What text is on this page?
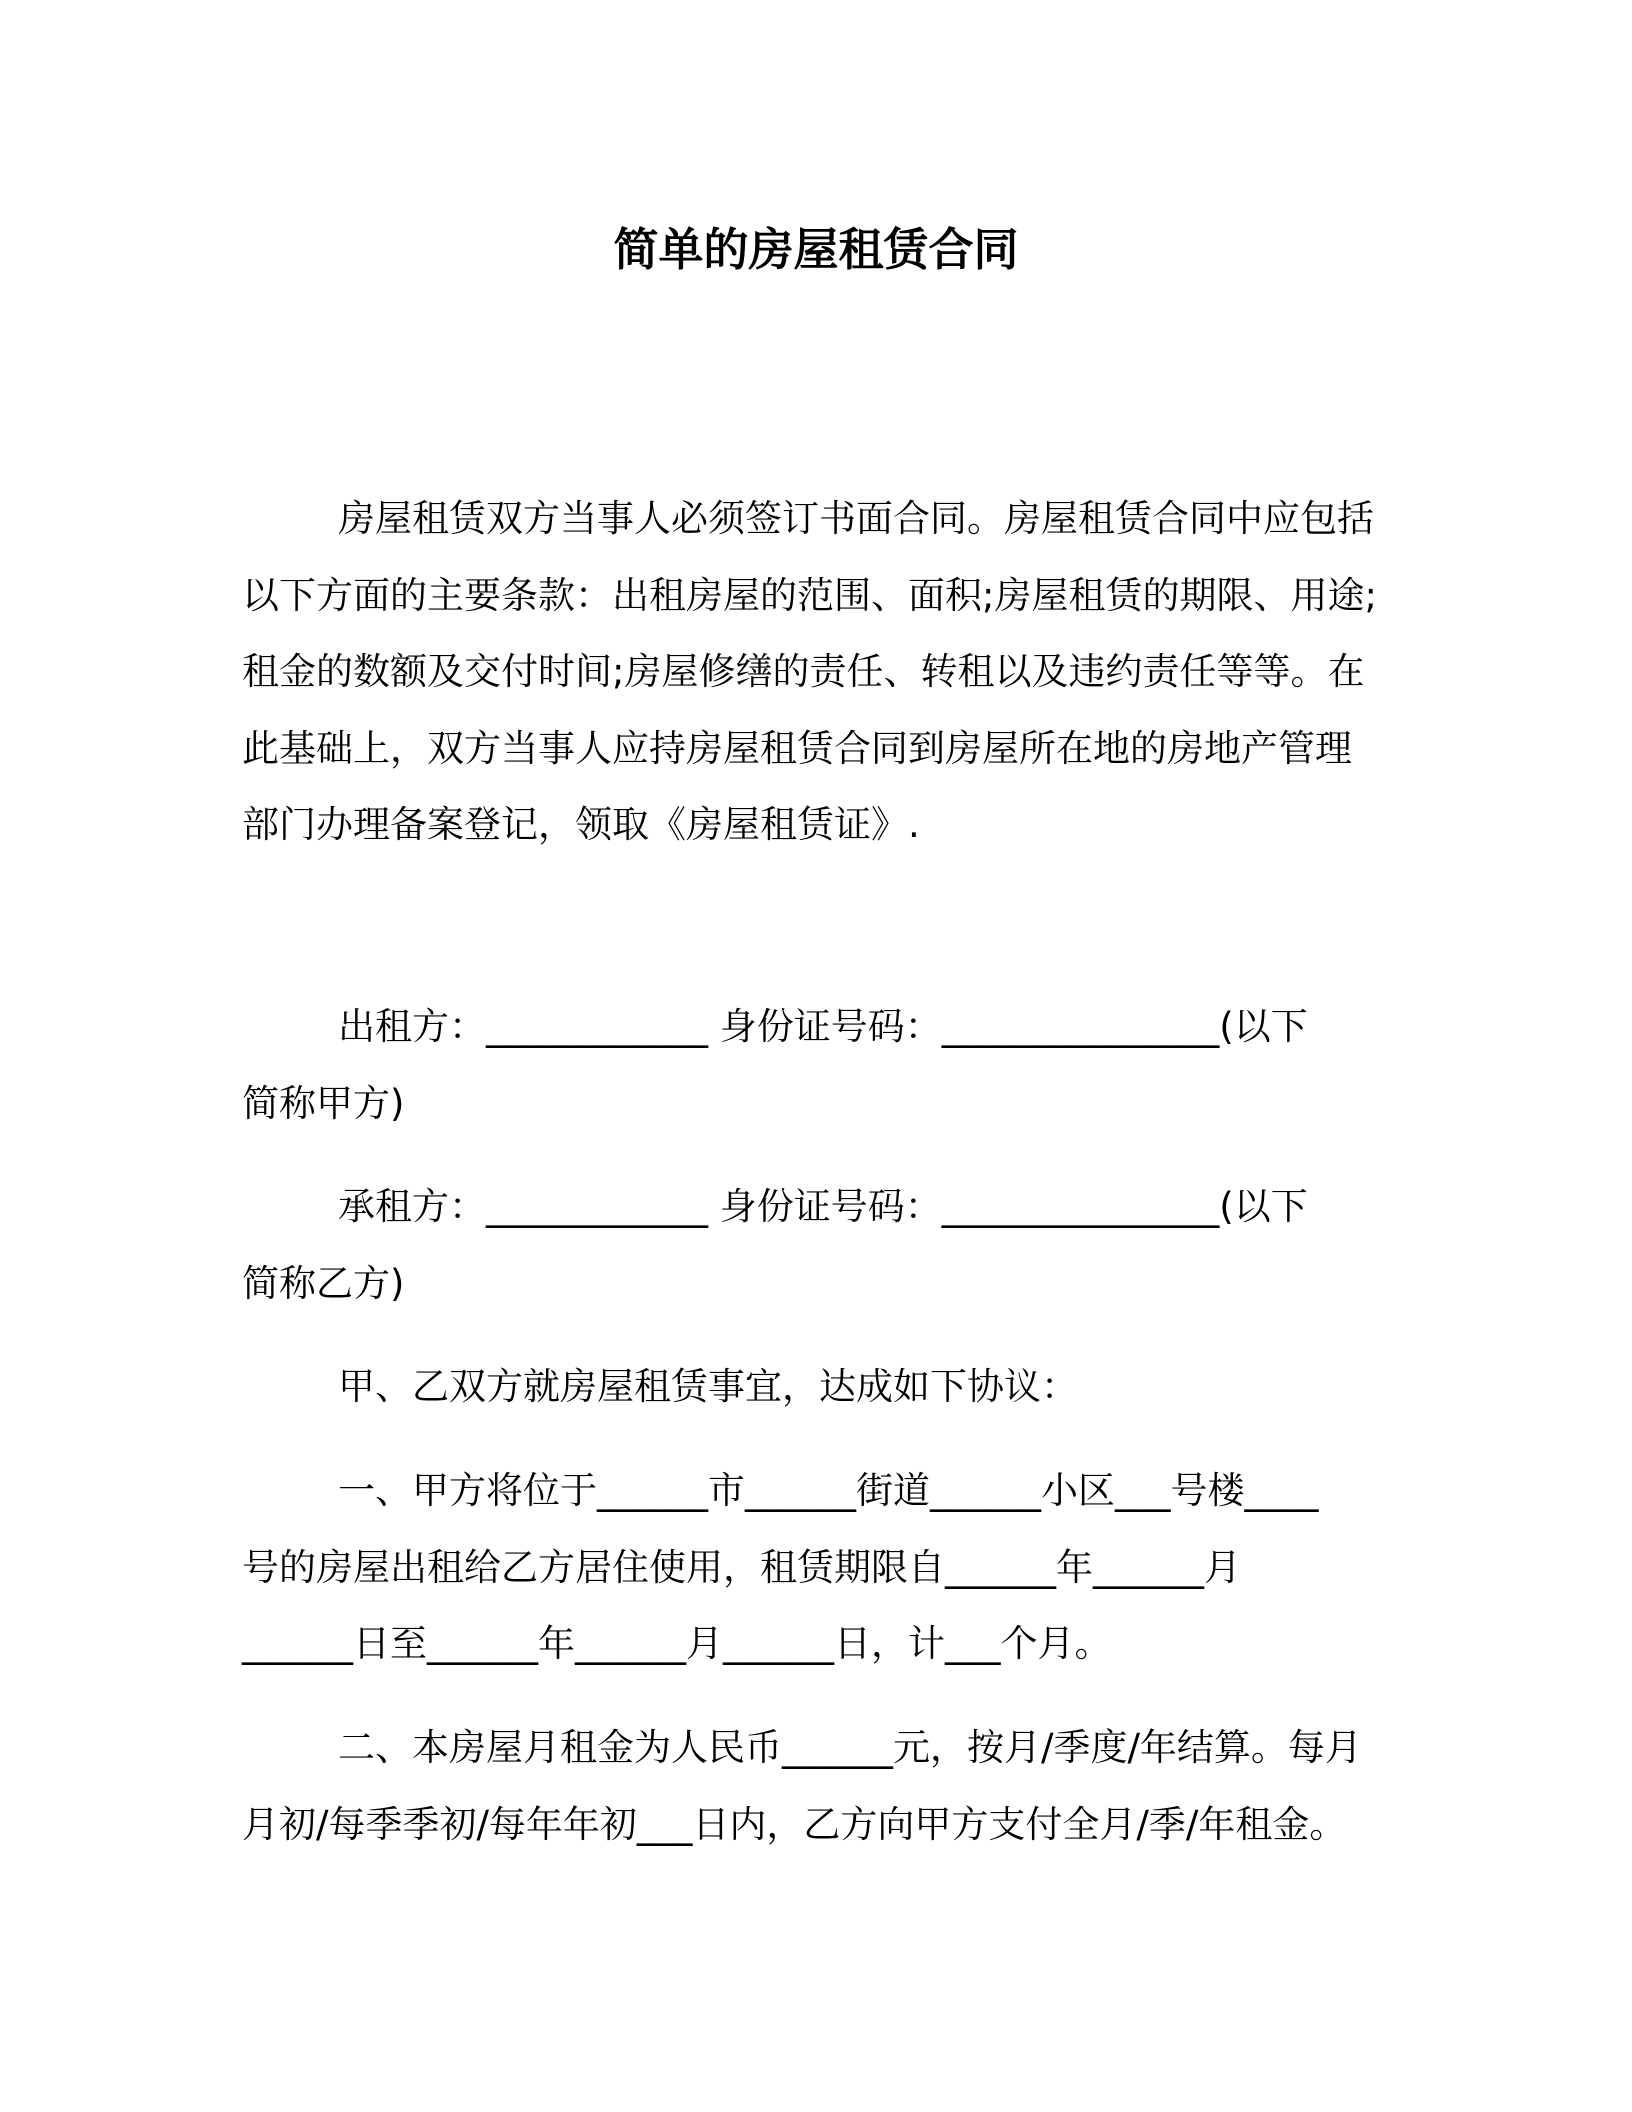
简单的房屋租赁合同
房屋租赁双方当事人必须签订书面合同。房屋租赁合同中应包括
以下方面的主要条款：出租房屋的范围、面积;房屋租赁的期限、用途;
租金的数额及交付时间;房屋修缮的责任、转租以及违约责任等等。在
此基础上，双方当事人应持房屋租赁合同到房屋所在地的房地产管理
部门办理备案登记，领取《房屋租赁证》.
出租方：____________ 身份证号码：_______________(以下
简称甲方)
承租方：____________ 身份证号码：_______________(以下
简称乙方)
甲、乙双方就房屋租赁事宜，达成如下协议：
一、甲方将位于______市______街道______小区___号楼____
号的房屋出租给乙方居住使用，租赁期限自______年______月
______日至______年______月______日，计___个月。
二、本房屋月租金为人民币______元，按月/季度/年结算。每月
月初/每季季初/每年年初___日内，乙方向甲方支付全月/季/年租金。
